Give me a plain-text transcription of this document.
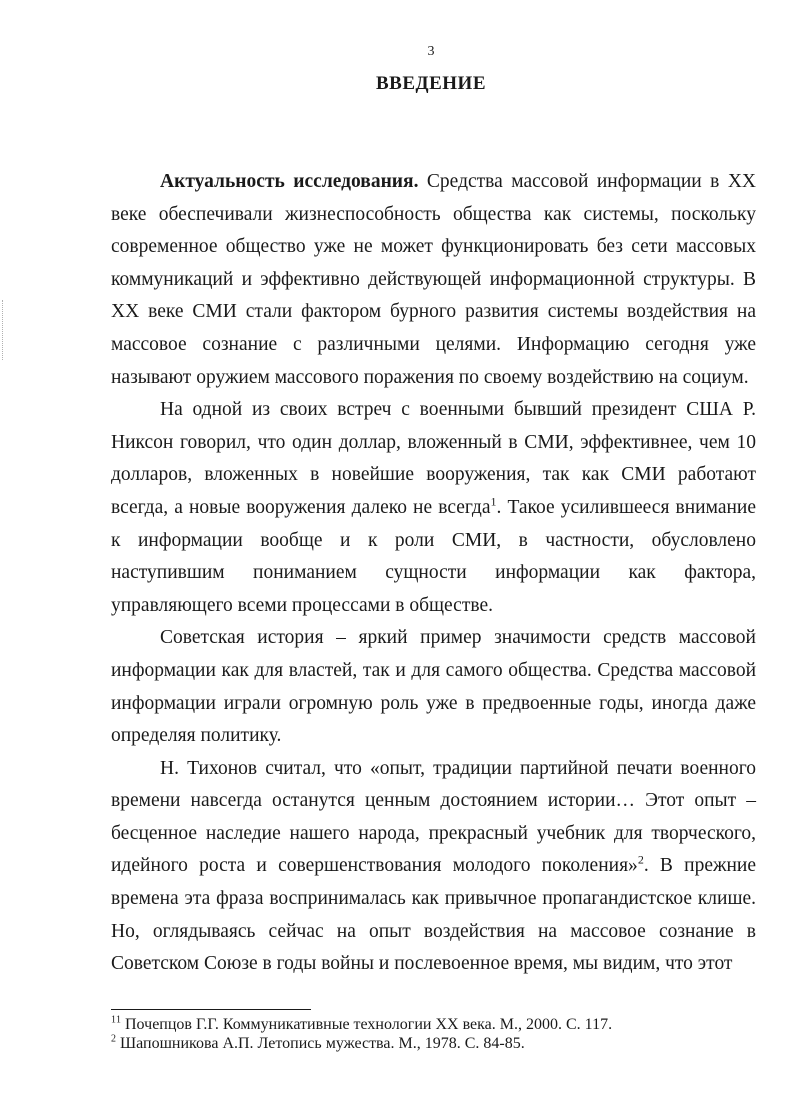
3
ВВЕДЕНИЕ

Актуальность исследования. Средства массовой информации в XX веке обеспечивали жизнеспособность общества как системы, поскольку современное общество уже не может функционировать без сети массовых коммуникаций и эффективно действующей информационной структуры. В XX веке СМИ стали фактором бурного развития системы воздействия на массовое сознание с различными целями. Информацию сегодня уже называют оружием массового поражения по своему воздействию на социум.

На одной из своих встреч с военными бывший президент США Р. Никсон говорил, что один доллар, вложенный в СМИ, эффективнее, чем 10 долларов, вложенных в новейшие вооружения, так как СМИ работают всегда, а новые вооружения далеко не всегда$^1$. Такое усилившееся внимание к информации вообще и к роли СМИ, в частности, обусловлено наступившим пониманием сущности информации как фактора, управляющего всеми процессами в обществе.

Советская история – яркий пример значимости средств массовой информации как для властей, так и для самого общества. Средства массовой информации играли огромную роль уже в предвоенные годы, иногда даже определяя политику.

Н. Тихонов считал, что «опыт, традиции партийной печати военного времени навсегда останутся ценным достоянием истории… Этот опыт – бесценное наследие нашего народа, прекрасный учебник для творческого, идейного роста и совершенствования молодого поколения»$^2$. В прежние времена эта фраза воспринималась как привычное пропагандистское клише. Но, оглядываясь сейчас на опыт воздействия на массовое сознание в Советском Союзе в годы войны и послевоенное время, мы видим, что этот

$^{11}$ Почепцов Г.Г. Коммуникативные технологии XX века. М., 2000. С. 117.

$^2$ Шапошникова А.П. Летопись мужества. М., 1978. С. 84-85.
